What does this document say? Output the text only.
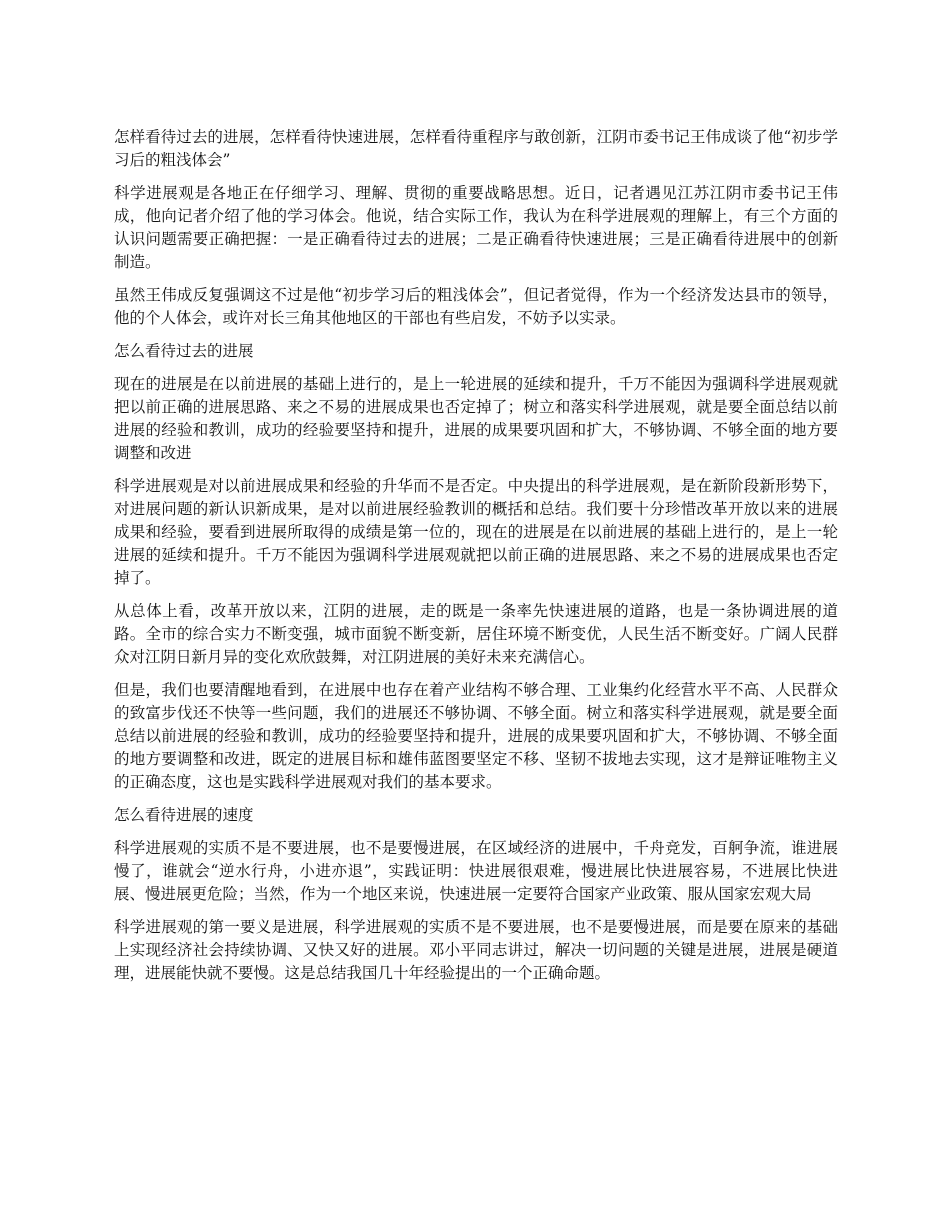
怎样看待过去的进展，怎样看待快速进展，怎样看待重程序与敢创新，江阴市委书记王伟成谈了他“初步学习后的粗浅体会”

科学进展观是各地正在仔细学习、理解、贯彻的重要战略思想。近日，记者遇见江苏江阴市委书记王伟成，他向记者介绍了他的学习体会。他说，结合实际工作，我认为在科学进展观的理解上，有三个方面的认识问题需要正确把握：一是正确看待过去的进展；二是正确看待快速进展；三是正确看待进展中的创新制造。

虽然王伟成反复强调这不过是他“初步学习后的粗浅体会”，但记者觉得，作为一个经济发达县市的领导，他的个人体会，或许对长三角其他地区的干部也有些启发，不妨予以实录。

怎么看待过去的进展

现在的进展是在以前进展的基础上进行的，是上一轮进展的延续和提升，千万不能因为强调科学进展观就把以前正确的进展思路、来之不易的进展成果也否定掉了；树立和落实科学进展观，就是要全面总结以前进展的经验和教训，成功的经验要坚持和提升，进展的成果要巩固和扩大，不够协调、不够全面的地方要调整和改进

科学进展观是对以前进展成果和经验的升华而不是否定。中央提出的科学进展观，是在新阶段新形势下，对进展问题的新认识新成果，是对以前进展经验教训的概括和总结。我们要十分珍惜改革开放以来的进展成果和经验，要看到进展所取得的成绩是第一位的，现在的进展是在以前进展的基础上进行的，是上一轮进展的延续和提升。千万不能因为强调科学进展观就把以前正确的进展思路、来之不易的进展成果也否定掉了。

从总体上看，改革开放以来，江阴的进展，走的既是一条率先快速进展的道路，也是一条协调进展的道路。全市的综合实力不断变强，城市面貌不断变新，居住环境不断变优，人民生活不断变好。广阔人民群众对江阴日新月异的变化欢欣鼓舞，对江阴进展的美好未来充满信心。

但是，我们也要清醒地看到，在进展中也存在着产业结构不够合理、工业集约化经营水平不高、人民群众的致富步伐还不快等一些问题，我们的进展还不够协调、不够全面。树立和落实科学进展观，就是要全面总结以前进展的经验和教训，成功的经验要坚持和提升，进展的成果要巩固和扩大，不够协调、不够全面的地方要调整和改进，既定的进展目标和雄伟蓝图要坚定不移、坚韧不拔地去实现，这才是辩证唯物主义的正确态度，这也是实践科学进展观对我们的基本要求。

怎么看待进展的速度

科学进展观的实质不是不要进展，也不是要慢进展，在区域经济的进展中，千舟竞发，百舸争流，谁进展慢了，谁就会“逆水行舟，小进亦退”，实践证明：快进展很艰难，慢进展比快进展容易，不进展比快进展、慢进展更危险；当然，作为一个地区来说，快速进展一定要符合国家产业政策、服从国家宏观大局

科学进展观的第一要义是进展，科学进展观的实质不是不要进展，也不是要慢进展，而是要在原来的基础上实现经济社会持续协调、又快又好的进展。邓小平同志讲过，解决一切问题的关键是进展，进展是硬道理，进展能快就不要慢。这是总结我国几十年经验提出的一个正确命题。
